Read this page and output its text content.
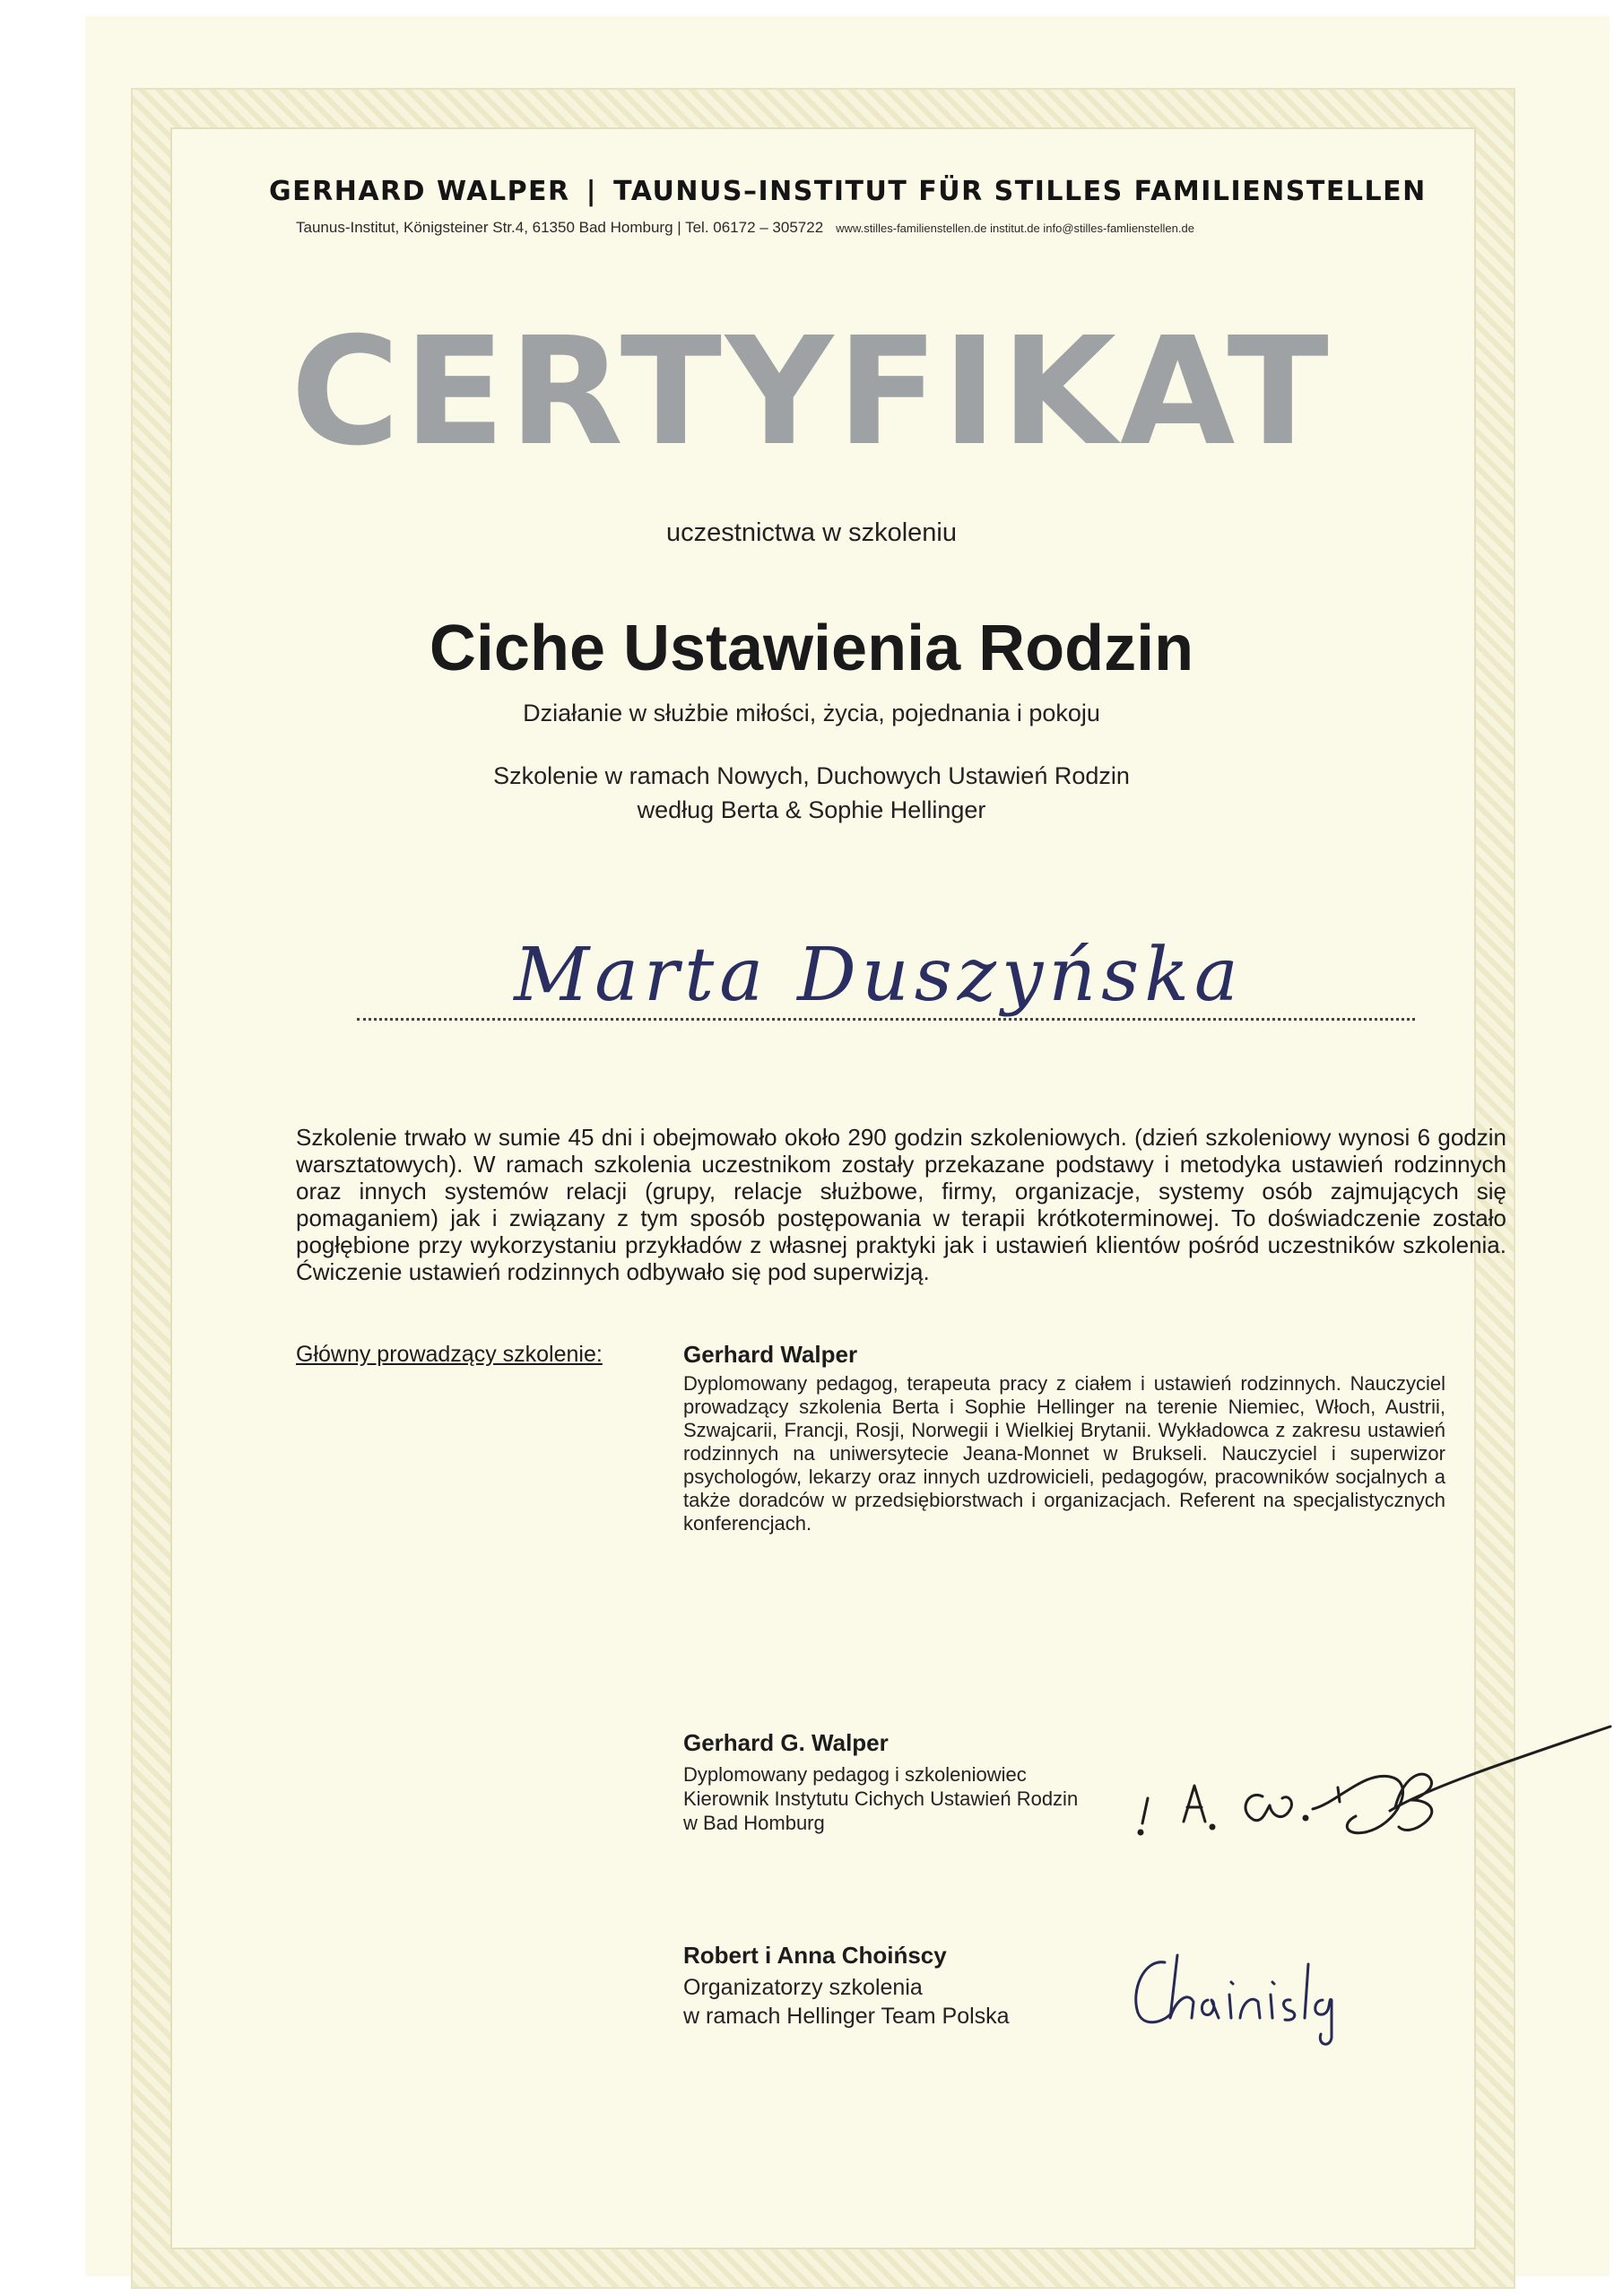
GERHARD WALPER | TAUNUS–INSTITUT FÜR STILLES FAMILIENSTELLEN
Taunus-Institut, Königsteiner Str.4, 61350 Bad Homburg | Tel. 06172 – 305722 www.stilles-familienstellen.de institut.de info@stilles-famlienstellen.de
CERTYFIKAT
uczestnictwa w szkoleniu
Ciche Ustawienia Rodzin
Działanie w służbie miłości, życia, pojednania i pokoju
Szkolenie w ramach Nowych, Duchowych Ustawień Rodzin
według Berta & Sophie Hellinger
Marta Duszyńska
Szkolenie trwało w sumie 45 dni i obejmowało około 290 godzin szkoleniowych. (dzień szkoleniowy wynosi 6 godzin warsztatowych). W ramach szkolenia uczestnikom zostały przekazane podstawy i metodyka ustawień rodzinnych oraz innych systemów relacji (grupy, relacje służbowe, firmy, organizacje, systemy osób zajmujących się pomaganiem) jak i związany z tym sposób postępowania w terapii krótkoterminowej. To doświadczenie zostało pogłębione przy wykorzystaniu przykładów z własnej praktyki jak i ustawień klientów pośród uczestników szkolenia. Ćwiczenie ustawień rodzinnych odbywało się pod superwizją.
Główny prowadzący szkolenie:	Gerhard Walper
Dyplomowany pedagog, terapeuta pracy z ciałem i ustawień rodzinnych. Nauczyciel prowadzący szkolenia Berta i Sophie Hellinger na terenie Niemiec, Włoch, Austrii, Szwajcarii, Francji, Rosji, Norwegii i Wielkiej Brytanii. Wykładowca z zakresu ustawień rodzinnych na uniwersytecie Jeana-Monnet w Brukseli. Nauczyciel i superwizor psychologów, lekarzy oraz innych uzdrowicieli, pedagogów, pracowników socjalnych a także doradców w przedsiębiorstwach i organizacjach. Referent na specjalistycznych konferencjach.
Gerhard G. Walper
Dyplomowany pedagog i szkoleniowiec
Kierownik Instytutu Cichych Ustawień Rodzin
w Bad Homburg
Robert i Anna Choińscy
Organizatorzy szkolenia
w ramach Hellinger Team Polska
